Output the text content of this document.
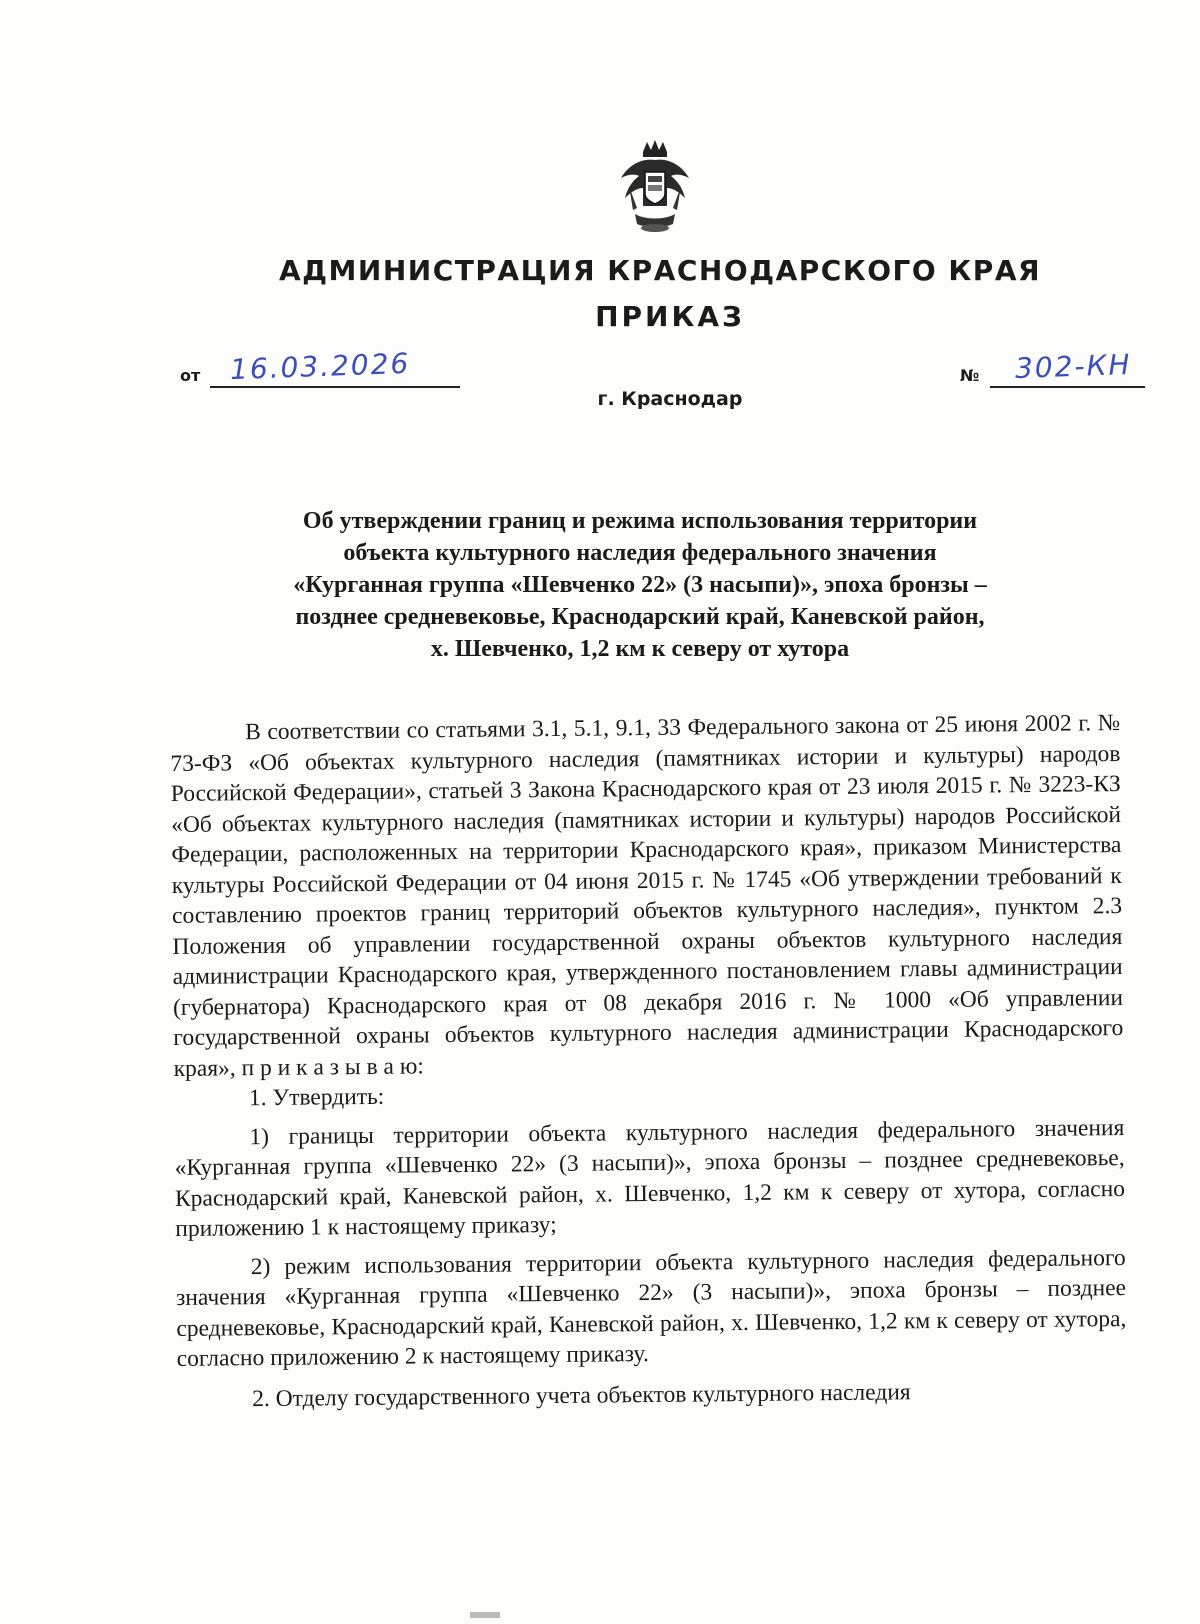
АДМИНИСТРАЦИЯ КРАСНОДАРСКОГО КРАЯ
ПРИКАЗ
от 16.03.2026	№ 302-КН
г. Краснодар
Об утверждении границ и режима использования территории
объекта культурного наследия федерального значения
«Курганная группа «Шевченко 22» (3 насыпи)», эпоха бронзы –
позднее средневековье, Краснодарский край, Каневской район,
х. Шевченко, 1,2 км к северу от хутора

В соответствии со статьями 3.1, 5.1, 9.1, 33 Федерального закона от 25 июня 2002 г. № 73-ФЗ «Об объектах культурного наследия (памятниках истории и культуры) народов Российской Федерации», статьей 3 Закона Краснодарского края от 23 июля 2015 г. № 3223-КЗ «Об объектах культурного наследия (памятниках истории и культуры) народов Российской Федерации, расположенных на территории Краснодарского края», приказом Министерства культуры Российской Федерации от 04 июня 2015 г. № 1745 «Об утверждении требований к составлению проектов границ территорий объектов культурного наследия», пунктом 2.3 Положения об управлении государственной охраны объектов культурного наследия администрации Краснодарского края, утвержденного постановлением главы администрации (губернатора) Краснодарского края от 08 декабря 2016 г. № 1000 «Об управлении государственной охраны объектов культурного наследия администрации Краснодарского края», п р и к а з ы в а ю:

1. Утвердить:

1) границы территории объекта культурного наследия федерального значения «Курганная группа «Шевченко 22» (3 насыпи)», эпоха бронзы – позднее средневековье, Краснодарский край, Каневской район, х. Шевченко, 1,2 км к северу от хутора, согласно приложению 1 к настоящему приказу;

2) режим использования территории объекта культурного наследия федерального значения «Курганная группа «Шевченко 22» (3 насыпи)», эпоха бронзы – позднее средневековье, Краснодарский край, Каневской район, х. Шевченко, 1,2 км к северу от хутора, согласно приложению 2 к настоящему приказу.

2. Отделу государственного учета объектов культурного наследия
